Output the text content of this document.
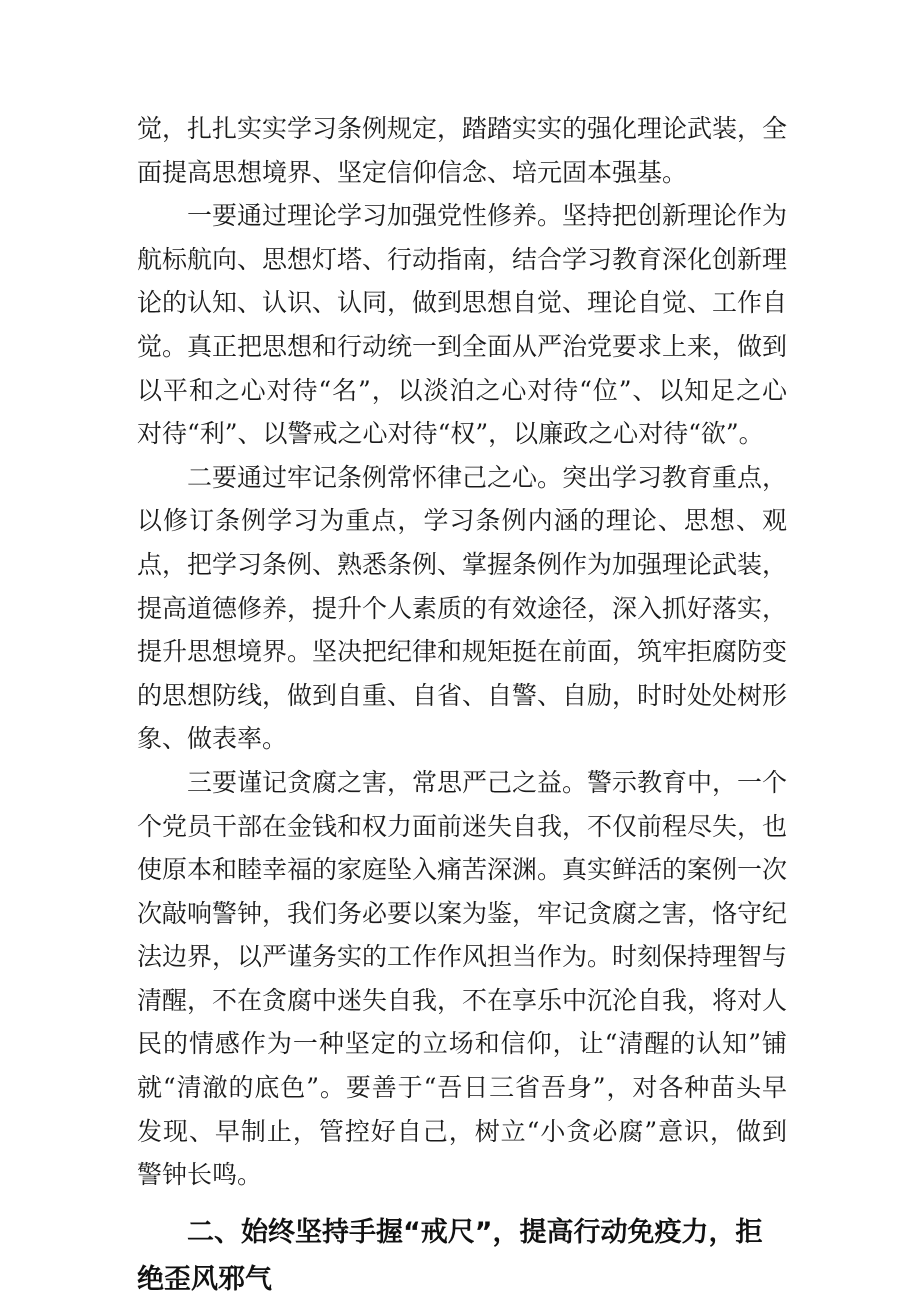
觉，扎扎实实学习条例规定，踏踏实实的强化理论武装，全面提高思想境界、坚定信仰信念、培元固本强基。

一要通过理论学习加强党性修养。坚持把创新理论作为航标航向、思想灯塔、行动指南，结合学习教育深化创新理论的认知、认识、认同，做到思想自觉、理论自觉、工作自觉。真正把思想和行动统一到全面从严治党要求上来，做到以平和之心对待“名”，以淡泊之心对待“位”、以知足之心对待“利”、以警戒之心对待“权”，以廉政之心对待“欲”。

二要通过牢记条例常怀律己之心。突出学习教育重点，以修订条例学习为重点，学习条例内涵的理论、思想、观点，把学习条例、熟悉条例、掌握条例作为加强理论武装，提高道德修养，提升个人素质的有效途径，深入抓好落实，提升思想境界。坚决把纪律和规矩挺在前面，筑牢拒腐防变的思想防线，做到自重、自省、自警、自励，时时处处树形象、做表率。

三要谨记贪腐之害，常思严己之益。警示教育中，一个个党员干部在金钱和权力面前迷失自我，不仅前程尽失，也使原本和睦幸福的家庭坠入痛苦深渊。真实鲜活的案例一次次敲响警钟，我们务必要以案为鉴，牢记贪腐之害，恪守纪法边界，以严谨务实的工作作风担当作为。时刻保持理智与清醒，不在贪腐中迷失自我，不在享乐中沉沦自我，将对人民的情感作为一种坚定的立场和信仰，让“清醒的认知”铺就“清澈的底色”。要善于“吾日三省吾身”，对各种苗头早发现、早制止，管控好自己，树立“小贪必腐”意识，做到警钟长鸣。

二、始终坚持手握“戒尺”，提高行动免疫力，拒绝歪风邪气
